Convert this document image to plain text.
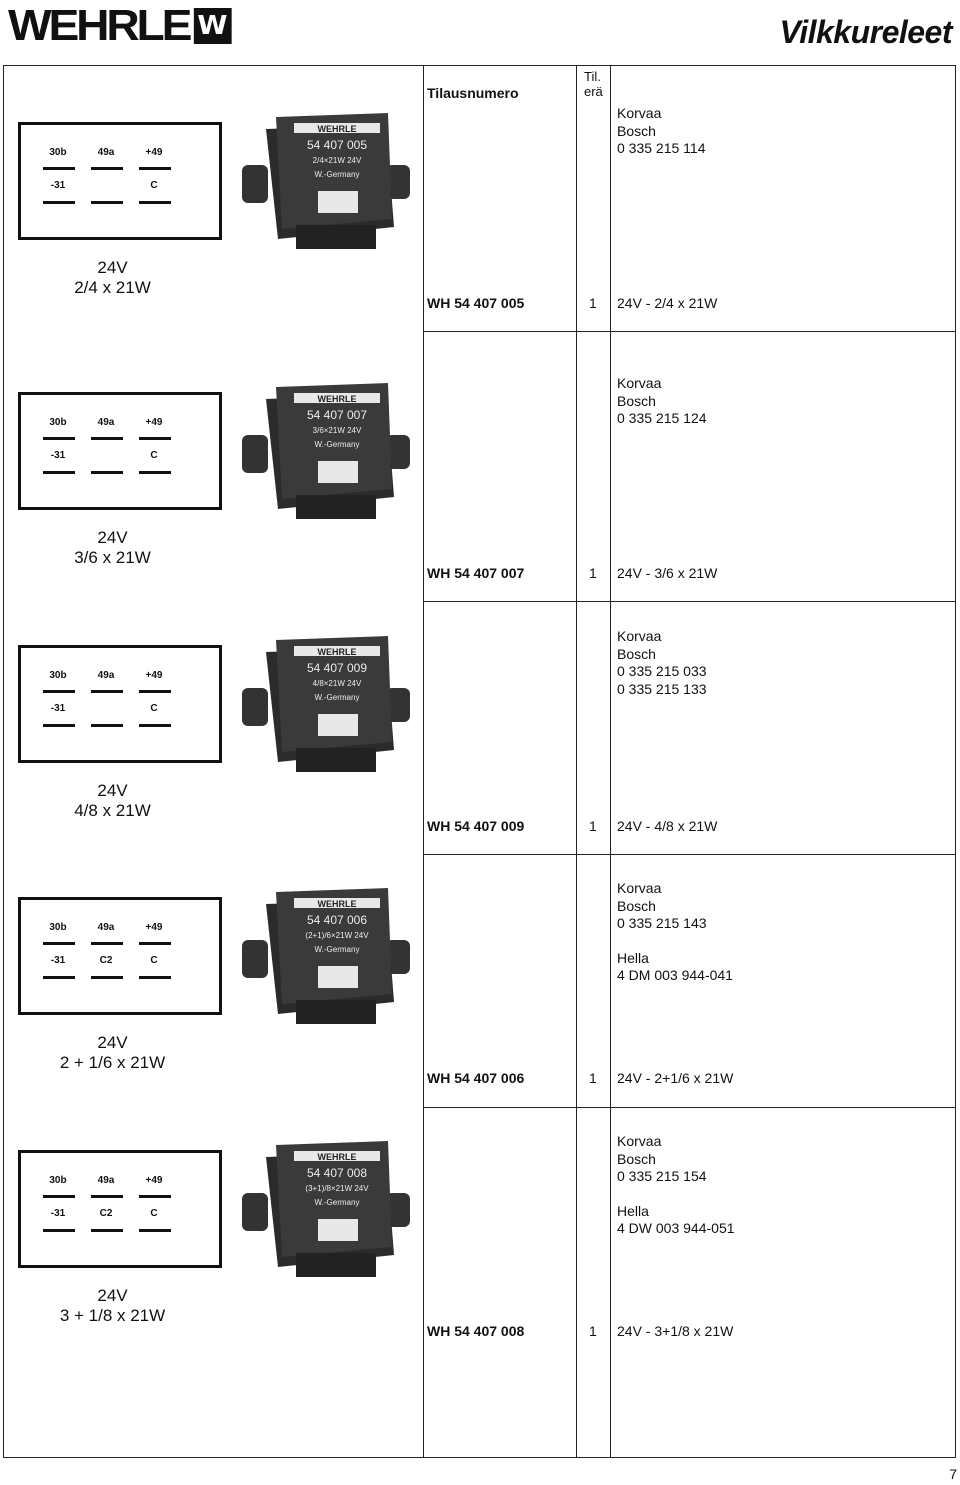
WEHRLE W	Vilkkureleet
Tilausnumero
Til.
erä
30b	49a	+49
-31	C
WEHRLE
54 407 005
2/4×21W 24V
W.-Germany
24V
2/4 x 21W
Korvaa
Bosch
0 335 215 114
WH 54 407 005	1 24V - 2/4 x 21W
30b	49a	+49
-31	C
WEHRLE
54 407 007
3/6×21W 24V
W.-Germany
24V
3/6 x 21W
Korvaa
Bosch
0 335 215 124
WH 54 407 007	1 24V - 3/6 x 21W
30b	49a	+49
-31	C
WEHRLE
54 407 009
4/8×21W 24V
W.-Germany
24V
4/8 x 21W
Korvaa
Bosch
0 335 215 033
0 335 215 133
WH 54 407 009	1 24V - 4/8 x 21W
30b	49a	+49
-31	C2	C
WEHRLE
54 407 006
(2+1)/6×21W 24V
W.-Germany
24V
2 + 1/6 x 21W
Korvaa
Bosch
0 335 215 143
Hella
4 DM 003 944-041
WH 54 407 006	1 24V - 2+1/6 x 21W
30b	49a	+49
-31	C2	C
WEHRLE
54 407 008
(3+1)/8×21W 24V
W.-Germany
24V
3 + 1/8 x 21W
Korvaa
Bosch
0 335 215 154
Hella
4 DW 003 944-051
WH 54 407 008	1 24V - 3+1/8 x 21W
7
